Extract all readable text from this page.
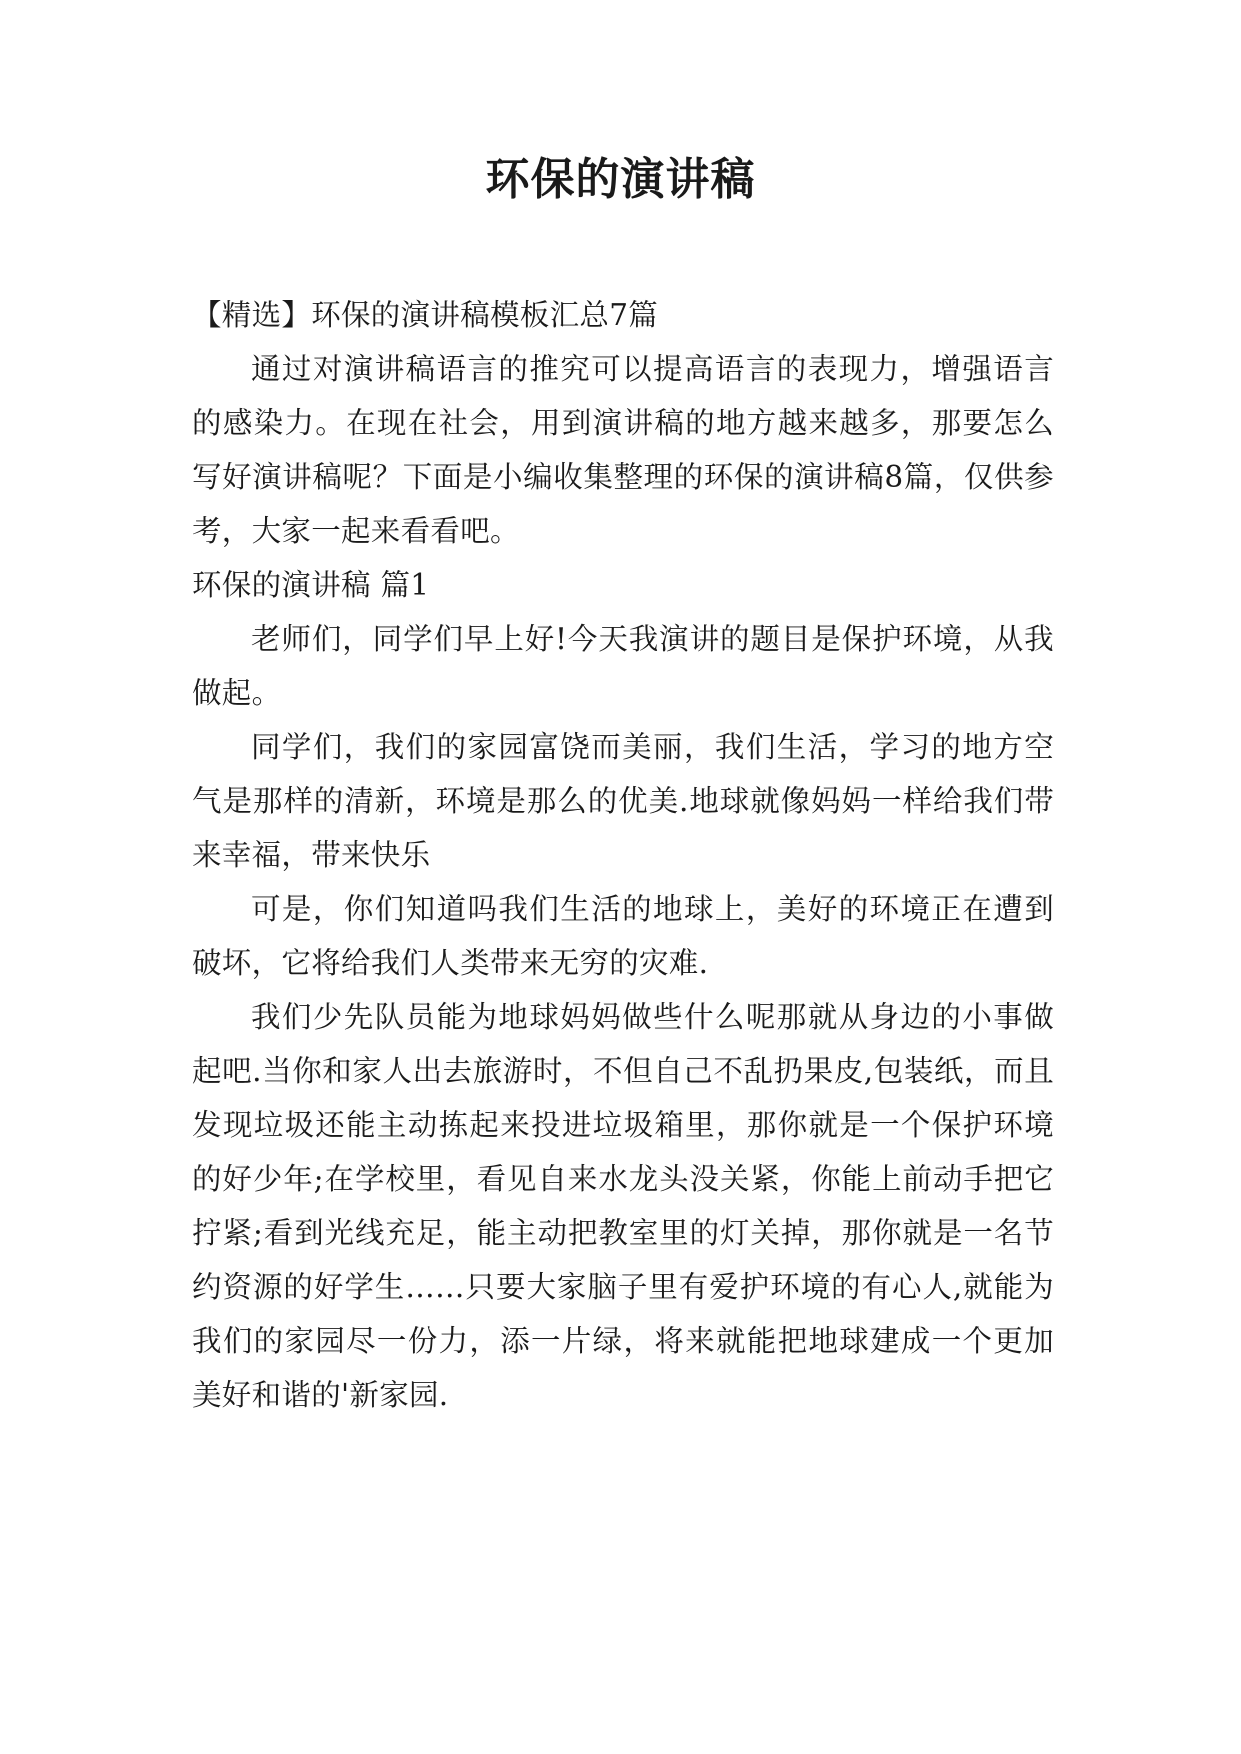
环保的演讲稿

【精选】环保的演讲稿模板汇总7篇

通过对演讲稿语言的推究可以提高语言的表现力，增强语言的感染力。在现在社会，用到演讲稿的地方越来越多，那要怎么写好演讲稿呢？下面是小编收集整理的环保的演讲稿8篇，仅供参考，大家一起来看看吧。

环保的演讲稿 篇1

老师们，同学们早上好!今天我演讲的题目是保护环境，从我做起。

同学们，我们的家园富饶而美丽，我们生活，学习的地方空气是那样的清新，环境是那么的优美.地球就像妈妈一样给我们带来幸福，带来快乐

可是，你们知道吗我们生活的地球上，美好的环境正在遭到破坏，它将给我们人类带来无穷的灾难.

我们少先队员能为地球妈妈做些什么呢那就从身边的小事做起吧.当你和家人出去旅游时，不但自己不乱扔果皮,包装纸，而且发现垃圾还能主动拣起来投进垃圾箱里，那你就是一个保护环境的好少年;在学校里，看见自来水龙头没关紧，你能上前动手把它拧紧;看到光线充足，能主动把教室里的灯关掉，那你就是一名节约资源的好学生……只要大家脑子里有爱护环境的有心人,就能为我们的家园尽一份力，添一片绿，将来就能把地球建成一个更加美好和谐的'新家园.
